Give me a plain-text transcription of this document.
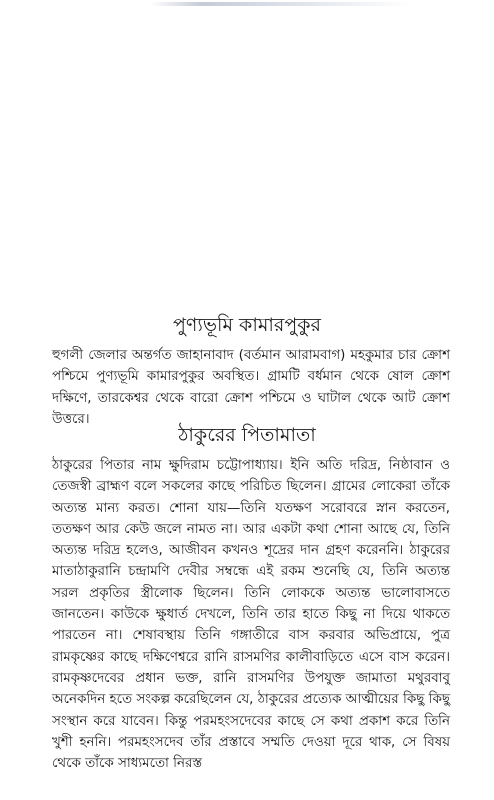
পুণ্যভূমি কামারপুকুর
হুগলী জেলার অন্তর্গত জাহানাবাদ (বর্তমান আরামবাগ) মহকুমার চার ক্রোশ পশ্চিমে পুণ্যভূমি কামারপুকুর অবস্থিত। গ্রামটি বর্ধমান থেকে ষোল ক্রোশ দক্ষিণে, তারকেশ্বর থেকে বারো ক্রোশ পশ্চিমে ও ঘাটাল থেকে আট ক্রোশ উত্তরে।
ঠাকুরের পিতামাতা
ঠাকুরের পিতার নাম ক্ষুদিরাম চট্টোপাধ্যায়। ইনি অতি দরিদ্র, নিষ্ঠাবান ও তেজস্বী ব্রাহ্মণ বলে সকলের কাছে পরিচিত ছিলেন। গ্রামের লোকেরা তাঁকে অত্যন্ত মান্য করত। শোনা যায়—তিনি যতক্ষণ সরোবরে স্নান করতেন, ততক্ষণ আর কেউ জলে নামত না। আর একটা কথা শোনা আছে যে, তিনি অত্যন্ত দরিদ্র হলেও, আজীবন কখনও শূদ্রের দান গ্রহণ করেননি। ঠাকুরের মাতাঠাকুরানি চন্দ্রামণি দেবীর সম্বন্ধে এই রকম শুনেছি যে, তিনি অত্যন্ত সরল প্রকৃতির স্ত্রীলোক ছিলেন। তিনি লোককে অত্যন্ত ভালোবাসতে জানতেন। কাউকে ক্ষুধার্ত দেখলে, তিনি তার হাতে কিছু না দিয়ে থাকতে পারতেন না। শেষাবস্থায় তিনি গঙ্গাতীরে বাস করবার অভিপ্রায়ে, পুত্র রামকৃষ্ণের কাছে দক্ষিণেশ্বরে রানি রাসমণির কালীবাড়িতে এসে বাস করেন। রামকৃষ্ণদেবের প্রধান ভক্ত, রানি রাসমণির উপযুক্ত জামাতা মথুরবাবু অনেকদিন হতে সংকল্প করেছিলেন যে, ঠাকুরের প্রত্যেক আত্মীয়ের কিছু কিছু সংস্থান করে যাবেন। কিন্তু পরমহংসদেবের কাছে সে কথা প্রকাশ করে তিনি খুশী হননি। পরমহংসদেব তাঁর প্রস্তাবে সম্মতি দেওয়া দূরে থাক, সে বিষয় থেকে তাঁকে সাধ্যমতো নিরস্ত
